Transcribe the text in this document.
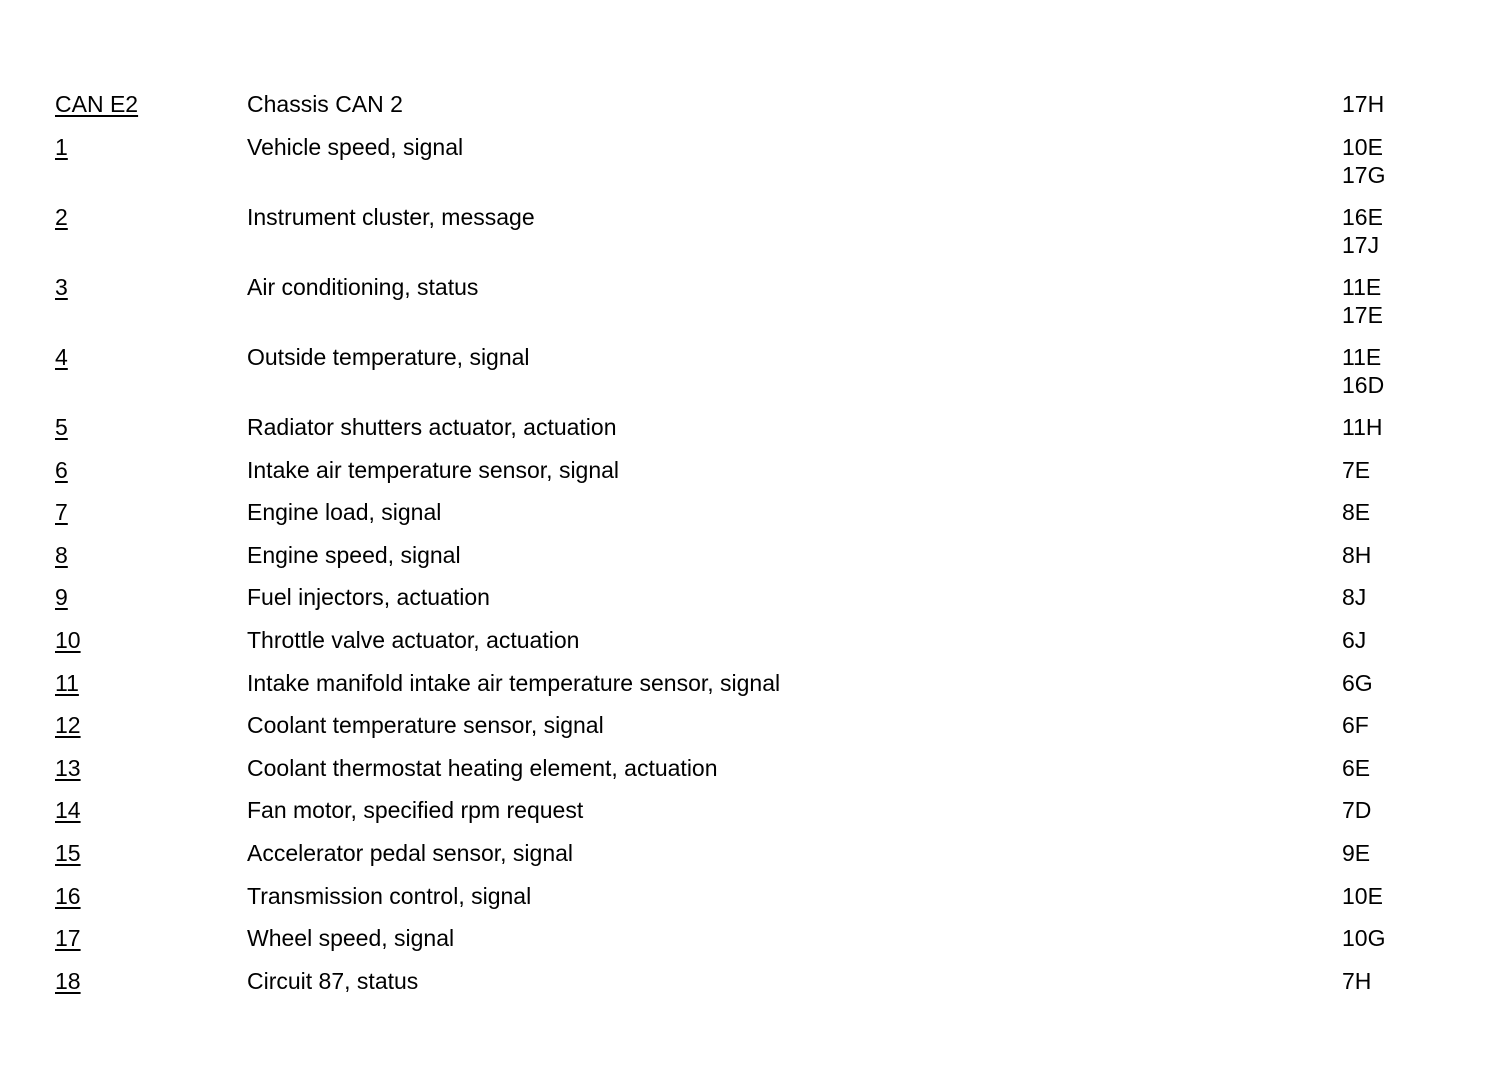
CAN E2	Chassis CAN 2	17H
1	Vehicle speed, signal	10E
17G
2	Instrument cluster, message	16E
17J
3	Air conditioning, status	11E
17E
4	Outside temperature, signal	11E
16D
5	Radiator shutters actuator, actuation	11H
6	Intake air temperature sensor, signal	7E
7	Engine load, signal	8E
8	Engine speed, signal	8H
9	Fuel injectors, actuation	8J
10	Throttle valve actuator, actuation	6J
11	Intake manifold intake air temperature sensor, signal	6G
12	Coolant temperature sensor, signal	6F
13	Coolant thermostat heating element, actuation	6E
14	Fan motor, specified rpm request	7D
15	Accelerator pedal sensor, signal	9E
16	Transmission control, signal	10E
17	Wheel speed, signal	10G
18	Circuit 87, status	7H
